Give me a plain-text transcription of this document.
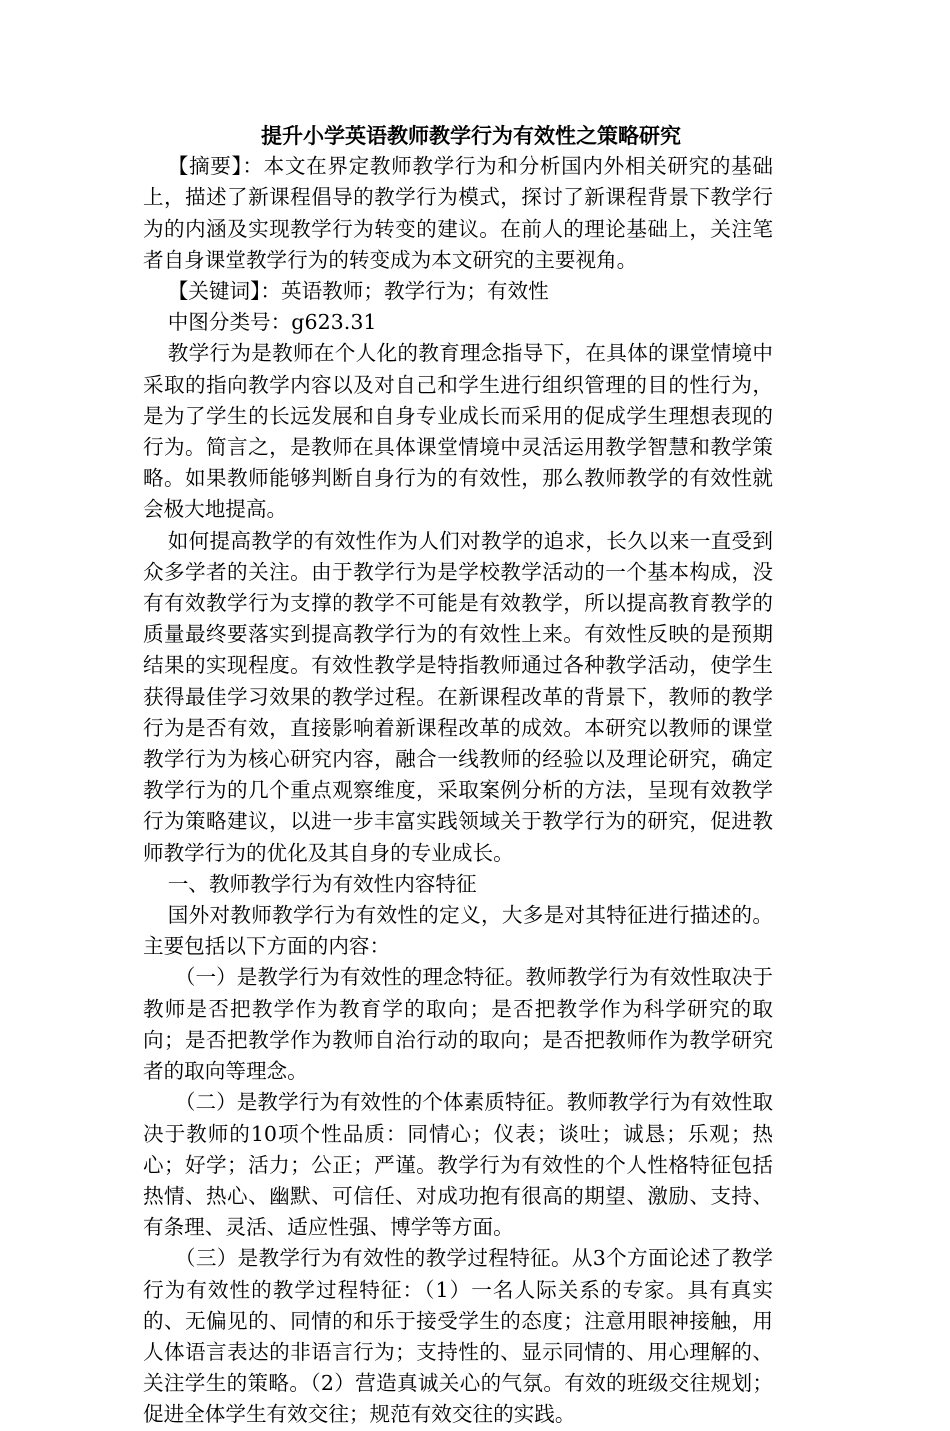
提升小学英语教师教学行为有效性之策略研究

【摘要】：本文在界定教师教学行为和分析国内外相关研究的基础上，描述了新课程倡导的教学行为模式，探讨了新课程背景下教学行为的内涵及实现教学行为转变的建议。在前人的理论基础上，关注笔者自身课堂教学行为的转变成为本文研究的主要视角。

【关键词】：英语教师；教学行为；有效性

中图分类号：g623.31

教学行为是教师在个人化的教育理念指导下，在具体的课堂情境中采取的指向教学内容以及对自己和学生进行组织管理的目的性行为，是为了学生的长远发展和自身专业成长而采用的促成学生理想表现的行为。简言之，是教师在具体课堂情境中灵活运用教学智慧和教学策略。如果教师能够判断自身行为的有效性，那么教师教学的有效性就会极大地提高。

如何提高教学的有效性作为人们对教学的追求，长久以来一直受到众多学者的关注。由于教学行为是学校教学活动的一个基本构成，没有有效教学行为支撑的教学不可能是有效教学，所以提高教育教学的质量最终要落实到提高教学行为的有效性上来。有效性反映的是预期结果的实现程度。有效性教学是特指教师通过各种教学活动，使学生获得最佳学习效果的教学过程。在新课程改革的背景下，教师的教学行为是否有效，直接影响着新课程改革的成效。本研究以教师的课堂教学行为为核心研究内容，融合一线教师的经验以及理论研究，确定教学行为的几个重点观察维度，采取案例分析的方法，呈现有效教学行为策略建议，以进一步丰富实践领域关于教学行为的研究，促进教师教学行为的优化及其自身的专业成长。

一、教师教学行为有效性内容特征

国外对教师教学行为有效性的定义，大多是对其特征进行描述的。主要包括以下方面的内容：

（一）是教学行为有效性的理念特征。教师教学行为有效性取决于教师是否把教学作为教育学的取向；是否把教学作为科学研究的取向；是否把教学作为教师自治行动的取向；是否把教师作为教学研究者的取向等理念。

（二）是教学行为有效性的个体素质特征。教师教学行为有效性取决于教师的10项个性品质：同情心；仪表；谈吐；诚恳；乐观；热心；好学；活力；公正；严谨。教学行为有效性的个人性格特征包括热情、热心、幽默、可信任、对成功抱有很高的期望、激励、支持、有条理、灵活、适应性强、博学等方面。

（三）是教学行为有效性的教学过程特征。从3个方面论述了教学行为有效性的教学过程特征：（1）一名人际关系的专家。具有真实的、无偏见的、同情的和乐于接受学生的态度；注意用眼神接触，用人体语言表达的非语言行为；支持性的、显示同情的、用心理解的、关注学生的策略。（2）营造真诚关心的气氛。有效的班级交往规划；促进全体学生有效交往；规范有效交往的实践。
